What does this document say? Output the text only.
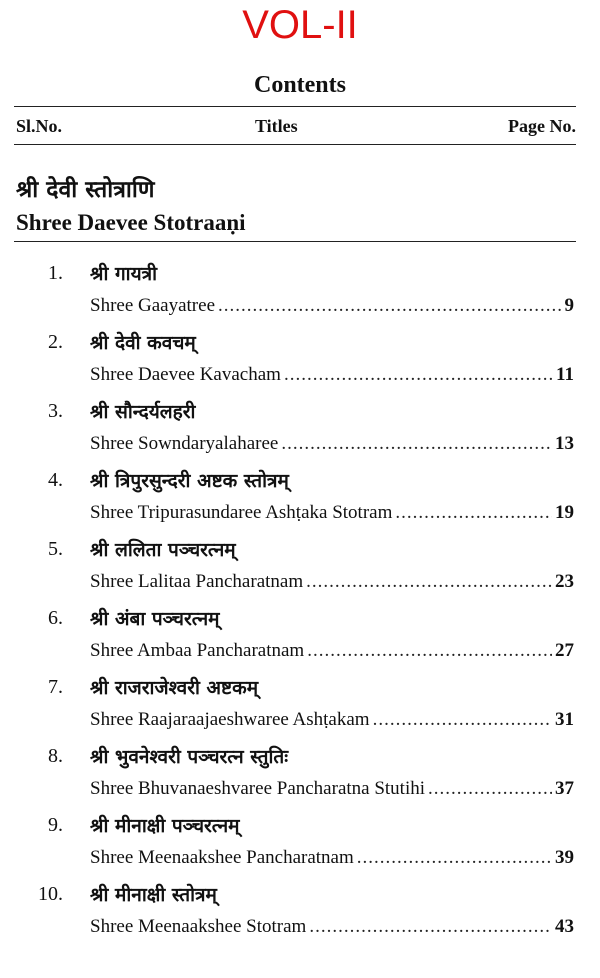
VOL-II
Contents
Sl.No.	Titles	Page No.
श्री देवी स्तोत्राणि
Shree Daevee Stotraaṇi
1. श्री गायत्री
Shree Gaayatree .....	9
2. श्री देवी कवचम्
Shree Daevee Kavacham .....	11
3. श्री सौन्दर्यलहरी
Shree Sowndaryalaharee .....	13
4. श्री त्रिपुरसुन्दरी अष्टक स्तोत्रम्
Shree Tripurasundaree Ashṭaka Stotram .....	19
5. श्री ललिता पञ्चरत्नम्
Shree Lalitaa Pancharatnam .....	23
6. श्री अंबा पञ्चरत्नम्
Shree Ambaa Pancharatnam .....	27
7. श्री राजराजेश्वरी अष्टकम्
Shree Raajaraajaeshwaree Ashṭakam .....	31
8. श्री भुवनेश्वरी पञ्चरत्न स्तुतिः
Shree Bhuvanaeshvaree Pancharatna Stutihi .....	37
9. श्री मीनाक्षी पञ्चरत्नम्
Shree Meenaakshee Pancharatnam .....	39
10. श्री मीनाक्षी स्तोत्रम्
Shree Meenaakshee Stotram .....	43
